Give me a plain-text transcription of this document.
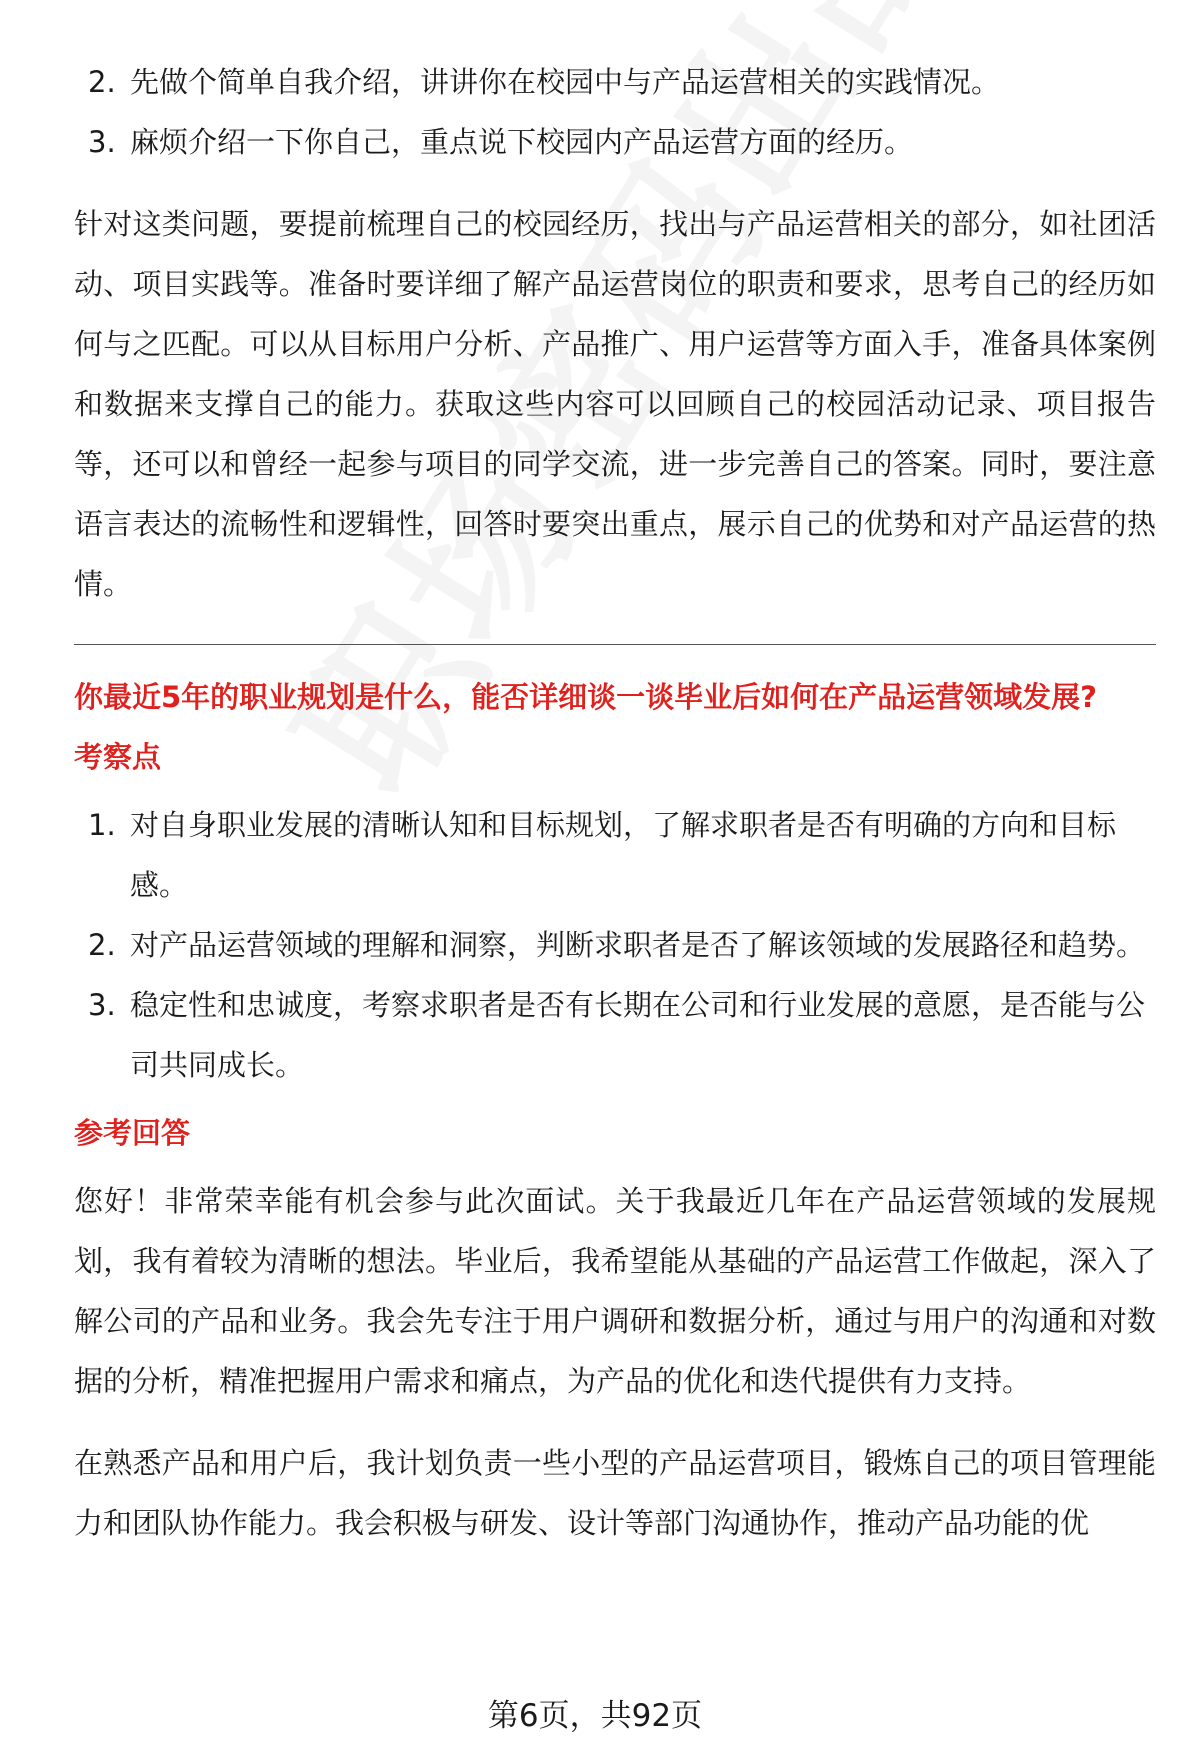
2. 先做个简单自我介绍，讲讲你在校园中与产品运营相关的实践情况。
3. 麻烦介绍一下你自己，重点说下校园内产品运营方面的经历。

针对这类问题，要提前梳理自己的校园经历，找出与产品运营相关的部分，如社团活动、项目实践等。准备时要详细了解产品运营岗位的职责和要求，思考自己的经历如何与之匹配。可以从目标用户分析、产品推广、用户运营等方面入手，准备具体案例和数据来支撑自己的能力。获取这些内容可以回顾自己的校园活动记录、项目报告等，还可以和曾经一起参与项目的同学交流，进一步完善自己的答案。同时，要注意语言表达的流畅性和逻辑性，回答时要突出重点，展示自己的优势和对产品运营的热情。

你最近5年的职业规划是什么，能否详细谈一谈毕业后如何在产品运营领域发展?

考察点

1. 对自身职业发展的清晰认知和目标规划，了解求职者是否有明确的方向和目标感。
2. 对产品运营领域的理解和洞察，判断求职者是否了解该领域的发展路径和趋势。
3. 稳定性和忠诚度，考察求职者是否有长期在公司和行业发展的意愿，是否能与公司共同成长。

参考回答

您好！非常荣幸能有机会参与此次面试。关于我最近几年在产品运营领域的发展规划，我有着较为清晰的想法。毕业后，我希望能从基础的产品运营工作做起，深入了解公司的产品和业务。我会先专注于用户调研和数据分析，通过与用户的沟通和对数据的分析，精准把握用户需求和痛点，为产品的优化和迭代提供有力支持。

在熟悉产品和用户后，我计划负责一些小型的产品运营项目，锻炼自己的项目管理能力和团队协作能力。我会积极与研发、设计等部门沟通协作，推动产品功能的优

第6页，共92页
